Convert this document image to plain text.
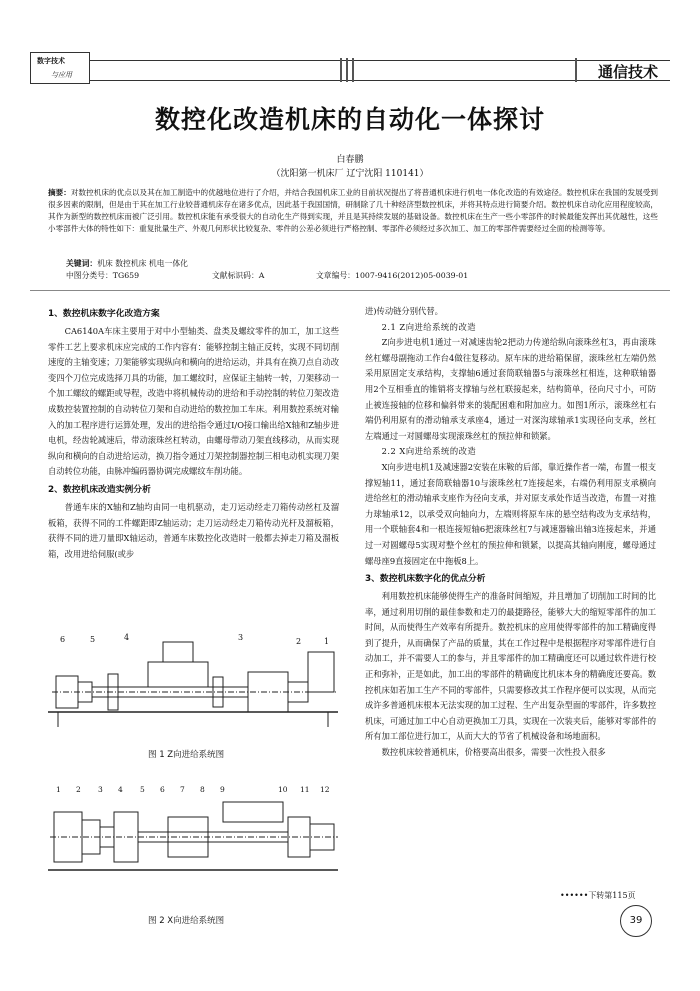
数字技术
与应用	通信技术
数控化改造机床的自动化一体探讨
白春鹏
（沈阳第一机床厂 辽宁沈阳 110141）
摘要：对数控机床的优点以及其在加工制造中的优越地位进行了介绍，并结合我国机床工业的目前状况提出了将普通机床进行机电一体化改造的有效途径。数控机床在我国的发展受到很多因素的限制，但是由于其在加工行业较普通机床存在诸多优点，因此基于我国国情，研制除了几十种经济型数控机床，并将其特点进行简要介绍。数控机床自动化应用程度较高，其作为新型的数控机床而被广泛引用。数控机床能有承受很大的自动化生产得到实现，并且是其持续发展的基础设备。数控机床在生产一些小零部件的时候最能发挥出其优越性，这些小零部件大体的特性如下：重复批量生产、外观几何形状比较复杂、零件的公差必须进行严格控制、零部件必须经过多次加工、加工的零部件需要经过全面的检测等等。
关键词：机床 数控机床 机电一体化
中图分类号：TG659	文献标识码：A	文章编号：1007-9416(2012)05-0039-01
1、数控机床数字化改造方案

CA6140A车床主要用于对中小型轴类、盘类及螺纹零件的加工，加工这些零件工艺上要求机床应完成的工作内容有：能够控制主轴正反转，实现不同切削速度的主轴变速；刀架能够实现纵向和横向的进给运动，并具有在换刀点自动改变四个刀位完成选择刀具的功能，加工螺纹时，应保证主轴转一转，刀架移动一个加工螺纹的螺距或导程，改造中将机械传动的进给和手动控制的转位刀架改造成数控装置控制的自动转位刀架和自动进给的数控加工车床。利用数控系统对输入的加工程序进行运算处理，发出的进给指令通过I/O接口输出给X轴和Z轴步进电机，经齿轮减速后，带动滚珠丝杠转动，由螺母带动刀架直线移动，从而实现纵向和横向的自动进给运动，换刀指令通过刀架控制器控制三相电动机实现刀架自动转位功能，由脉冲编码器协调完成螺纹车削功能。

2、数控机床改造实例分析

普通车床的X轴和Z轴均由同一电机驱动，走刀运动经走刀箱传动丝杠及溜板箱，获得不同的工件螺距即Z轴运动；走刀运动经走刀箱传动光杆及溜板箱，获得不同的进刀量即X轴运动，普通车床数控化改造时一般都去掉走刀箱及溜板箱，改用进给伺服(或步

6	5	4	3	2	1
图 1 Z向进给系统图
1 2 3 4 5 6 7 8 9	10 11 12
图 2 X向进给系统图

进)传动链分别代替。

2.1 Z向进给系统的改造

Z向步进电机1通过一对减速齿轮2把动力传递给纵向滚珠丝杠3，再由滚珠丝杠螺母副拖动工作台4做往复移动。原车床的进给箱保留，滚珠丝杠左端仍然采用原固定支承结构，支撑轴6通过套筒联轴器5与滚珠丝杠相连，这种联轴器用2个互相垂直的锥销将支撑轴与丝杠联接起来，结构简单，径向尺寸小，可防止被连接轴的位移和偏斜带来的装配困难和附加应力。如图1所示，滚珠丝杠右端仍利用原有的滑动轴承支承座4，通过一对深沟球轴承1实现径向支承，丝杠左端通过一对圆螺母实现滚珠丝杠的预拉伸和锁紧。

2.2 X向进给系统的改造

X向步进电机1及减速器2安装在床鞍的后部，靠近操作者一端，布置一根支撑短轴11，通过套筒联轴器10与滚珠丝杠7连接起来，右端仍利用原支承横向进给丝杠的滑动轴承支座作为径向支承，并对原支承处作适当改造，布置一对推力球轴承12，以承受双向轴向力，左端则将原车床的悬空结构改为支承结构，用一个联轴套4和一根连接短轴6把滚珠丝杠7与减速器输出轴3连接起来，并通过一对圆螺母5实现对整个丝杠的预拉伸和锁紧，以提高其轴向刚度，螺母通过螺母座9直接固定在中拖板8上。

3、数控机床数字化的优点分析

利用数控机床能够使得生产的准备时间缩短，并且增加了切削加工时间的比率，通过利用切削的最佳参数和走刀的最捷路径，能够大大的缩短零部件的加工时间，从而使得生产效率有所提升。数控机床的应用使得零部件的加工精确度得到了提升，从而确保了产品的质量，其在工作过程中是根据程序对零部件进行自动加工，并不需要人工的参与，并且零部件的加工精确度还可以通过软件进行校正和弥补，正是如此，加工出的零部件的精确度比机床本身的精确度还要高。数控机床如若加工生产不同的零部件，只需要修改其工作程序便可以实现，从而完成许多普通机床根本无法实现的加工过程、生产出复杂型面的零部件，许多数控机床，可通过加工中心自动更换加工刀具，实现在一次装夹后，能够对零部件的所有加工部位进行加工，从而大大的节省了机械设备和场地面积。

数控机床较普通机床，价格要高出很多，需要一次性投入很多

••••••下转第115页
39
